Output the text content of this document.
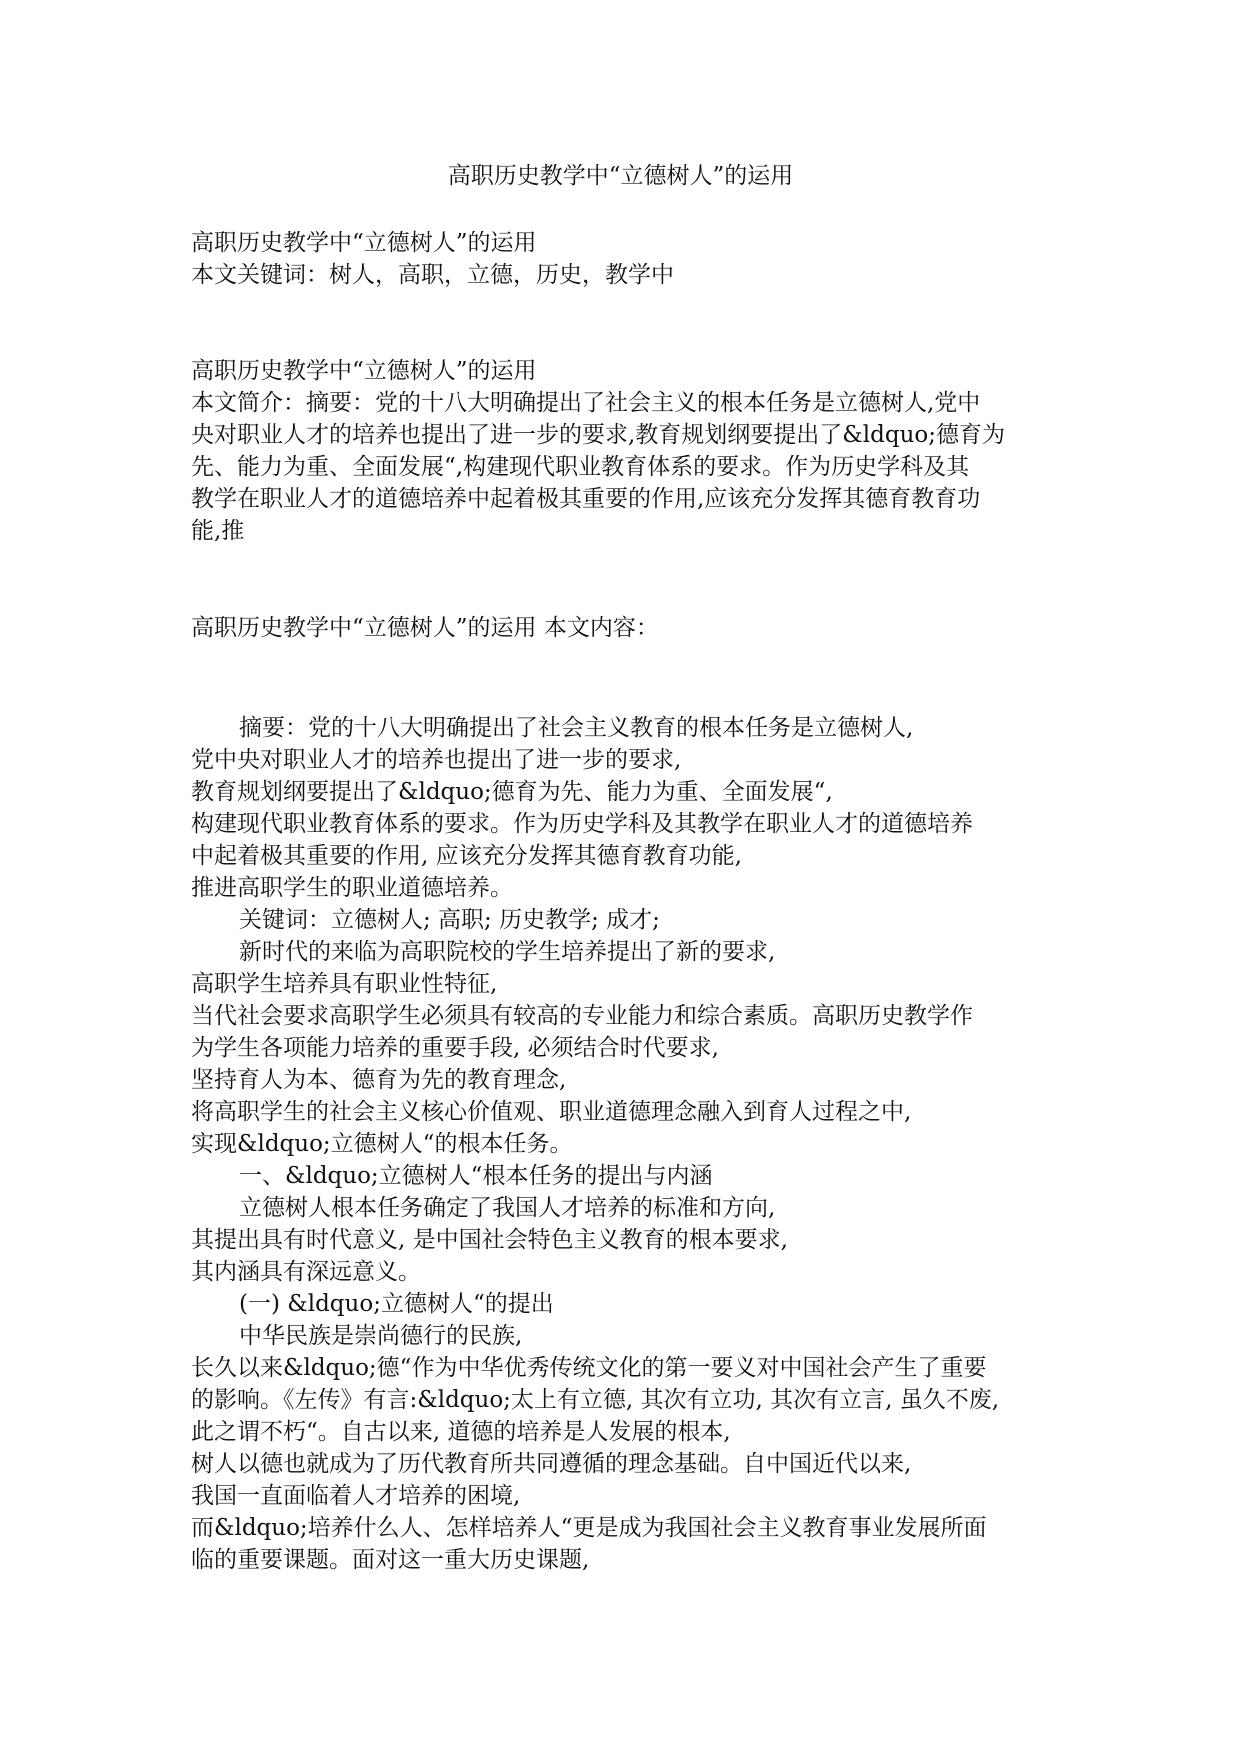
高职历史教学中“立德树人”的运用
高职历史教学中“立德树人”的运用
本文关键词：树人，高职，立德，历史，教学中
高职历史教学中“立德树人”的运用
本文简介：摘要：党的十八大明确提出了社会主义的根本任务是立德树人,党中
央对职业人才的培养也提出了进一步的要求,教育规划纲要提出了&ldquo;德育为
先、能力为重、全面发展“,构建现代职业教育体系的要求。作为历史学科及其
教学在职业人才的道德培养中起着极其重要的作用,应该充分发挥其德育教育功
能,推
高职历史教学中“立德树人”的运用 本文内容：
摘要：党的十八大明确提出了社会主义教育的根本任务是立德树人,
党中央对职业人才的培养也提出了进一步的要求,
教育规划纲要提出了&ldquo;德育为先、能力为重、全面发展“,
构建现代职业教育体系的要求。作为历史学科及其教学在职业人才的道德培养
中起着极其重要的作用, 应该充分发挥其德育教育功能,
推进高职学生的职业道德培养。
关键词：立德树人; 高职; 历史教学; 成才;
新时代的来临为高职院校的学生培养提出了新的要求,
高职学生培养具有职业性特征,
当代社会要求高职学生必须具有较高的专业能力和综合素质。高职历史教学作
为学生各项能力培养的重要手段, 必须结合时代要求,
坚持育人为本、德育为先的教育理念,
将高职学生的社会主义核心价值观、职业道德理念融入到育人过程之中,
实现&ldquo;立德树人“的根本任务。
一、&ldquo;立德树人“根本任务的提出与内涵
立德树人根本任务确定了我国人才培养的标准和方向,
其提出具有时代意义, 是中国社会特色主义教育的根本要求,
其内涵具有深远意义。
(一) &ldquo;立德树人“的提出
中华民族是崇尚德行的民族,
长久以来&ldquo;德“作为中华优秀传统文化的第一要义对中国社会产生了重要
的影响。《左传》有言:&ldquo;太上有立德, 其次有立功, 其次有立言, 虽久不废,
此之谓不朽“。自古以来, 道德的培养是人发展的根本,
树人以德也就成为了历代教育所共同遵循的理念基础。自中国近代以来,
我国一直面临着人才培养的困境,
而&ldquo;培养什么人、怎样培养人“更是成为我国社会主义教育事业发展所面
临的重要课题。面对这一重大历史课题,
